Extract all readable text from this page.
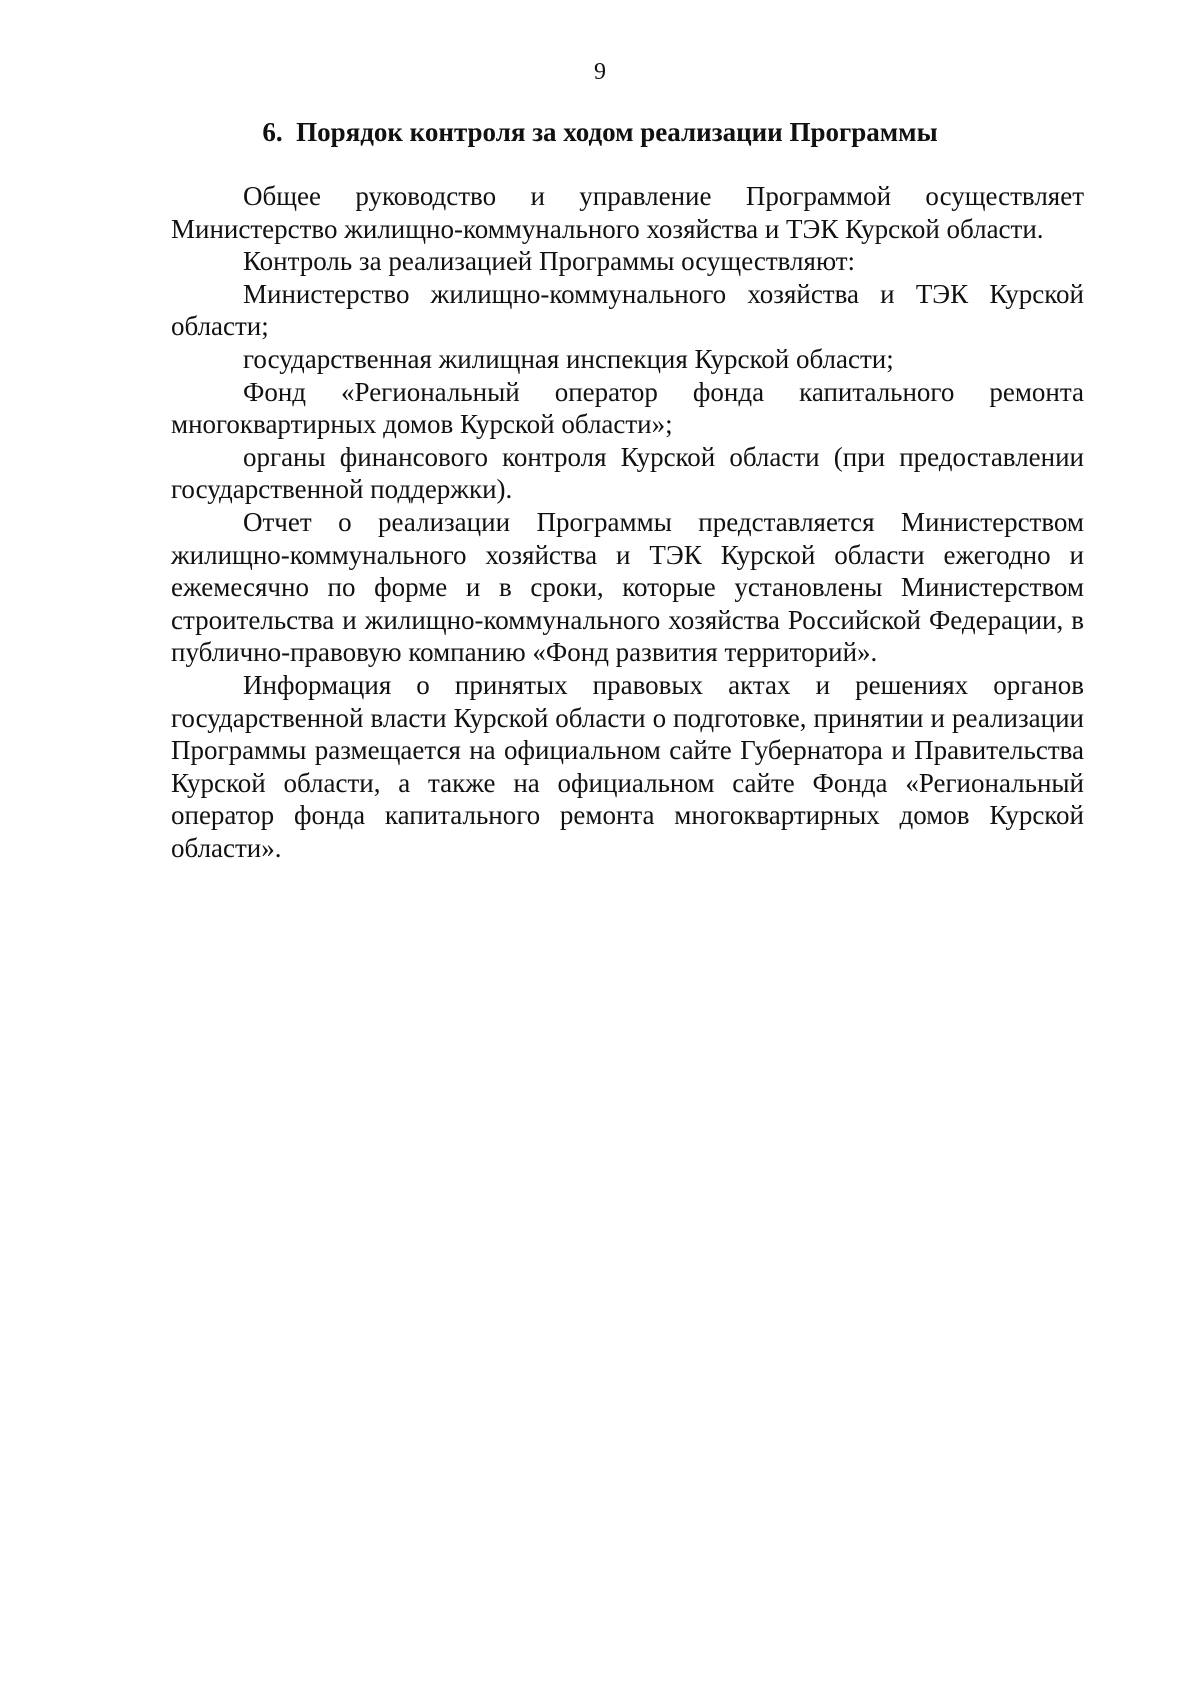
9
6.  Порядок контроля за ходом реализации Программы

Общее руководство и управление Программой осуществляет Министерство жилищно-коммунального хозяйства и ТЭК Курской области.

Контроль за реализацией Программы осуществляют:

Министерство жилищно-коммунального хозяйства и ТЭК Курской области;

государственная жилищная инспекция Курской области;

Фонд «Региональный оператор фонда капитального ремонта многоквартирных домов Курской области»;

органы финансового контроля Курской области (при предоставлении государственной поддержки).

Отчет о реализации Программы представляется Министерством жилищно-коммунального хозяйства и ТЭК Курской области ежегодно и ежемесячно по форме и в сроки, которые установлены Министерством строительства и жилищно-коммунального хозяйства Российской Федерации, в публично-правовую компанию «Фонд развития территорий».

Информация о принятых правовых актах и решениях органов государственной власти Курской области о подготовке, принятии и реализации Программы размещается на официальном сайте Губернатора и Правительства Курской области, а также на официальном сайте Фонда «Региональный оператор фонда капитального ремонта многоквартирных домов Курской области».
